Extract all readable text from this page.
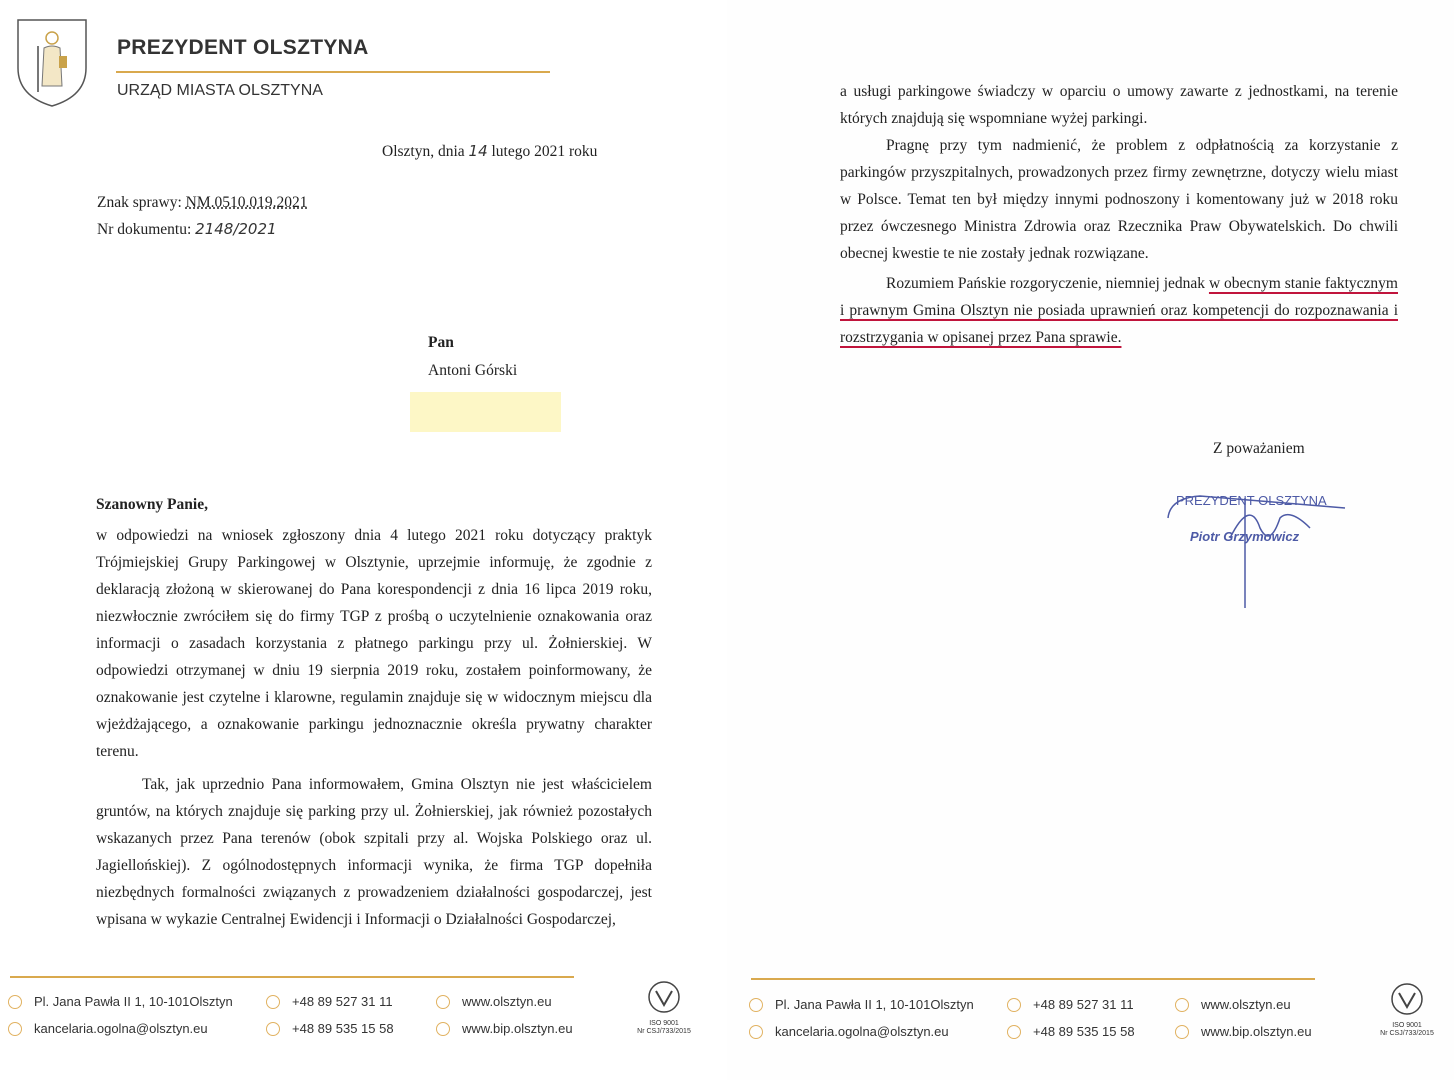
PREZYDENT OLSZTYNA
URZĄD MIASTA OLSZTYNA
Olsztyn, dnia 14 lutego 2021 roku
Znak sprawy: NM.0510.019.2021
Nr dokumentu: 2148/2021
Pan
Antoni Górski
Szanowny Panie,
w odpowiedzi na wniosek zgłoszony dnia 4 lutego 2021 roku dotyczący praktyk Trójmiejskiej Grupy Parkingowej w Olsztynie, uprzejmie informuję, że zgodnie z deklaracją złożoną w skierowanej do Pana korespondencji z dnia 16 lipca 2019 roku, niezwłocznie zwróciłem się do firmy TGP z prośbą o uczytelnienie oznakowania oraz informacji o zasadach korzystania z płatnego parkingu przy ul. Żołnierskiej. W odpowiedzi otrzymanej w dniu 19 sierpnia 2019 roku, zostałem poinformowany, że oznakowanie jest czytelne i klarowne, regulamin znajduje się w widocznym miejscu dla wjeżdżającego, a oznakowanie parkingu jednoznacznie określa prywatny charakter terenu.
Tak, jak uprzednio Pana informowałem, Gmina Olsztyn nie jest właścicielem gruntów, na których znajduje się parking przy ul. Żołnierskiej, jak również pozostałych wskazanych przez Pana terenów (obok szpitali przy al. Wojska Polskiego oraz ul. Jagiellońskiej). Z ogólnodostępnych informacji wynika, że firma TGP dopełniła niezbędnych formalności związanych z prowadzeniem działalności gospodarczej, jest wpisana w wykazie Centralnej Ewidencji i Informacji o Działalności Gospodarczej,
Pl. Jana Pawła II 1, 10-101Olsztyn
kancelaria.ogolna@olsztyn.eu
+48 89 527 31 11
+48 89 535 15 58
www.olsztyn.eu
www.bip.olsztyn.eu	ISO 9001
Nr CSJ/733/2015
a usługi parkingowe świadczy w oparciu o umowy zawarte z jednostkami, na terenie których znajdują się wspomniane wyżej parkingi.
Pragnę przy tym nadmienić, że problem z odpłatnością za korzystanie z parkingów przyszpitalnych, prowadzonych przez firmy zewnętrzne, dotyczy wielu miast w Polsce. Temat ten był między innymi podnoszony i komentowany już w 2018 roku przez ówczesnego Ministra Zdrowia oraz Rzecznika Praw Obywatelskich. Do chwili obecnej kwestie te nie zostały jednak rozwiązane.
Rozumiem Pańskie rozgoryczenie, niemniej jednak w obecnym stanie faktycznym i prawnym Gmina Olsztyn nie posiada uprawnień oraz kompetencji do rozpoznawania i rozstrzygania w opisanej przez Pana sprawie.
Z poważaniem
PREZYDENT OLSZTYNA
Piotr Grzymowicz
Pl. Jana Pawła II 1, 10-101Olsztyn
kancelaria.ogolna@olsztyn.eu
+48 89 527 31 11
+48 89 535 15 58
www.olsztyn.eu
www.bip.olsztyn.eu	ISO 9001
Nr CSJ/733/2015
